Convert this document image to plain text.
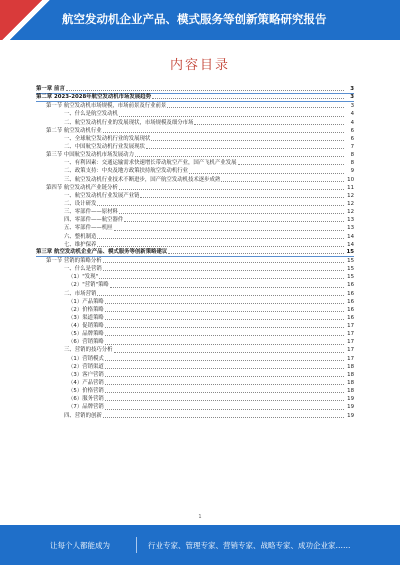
航空发动机企业产品、模式服务等创新策略研究报告
内容目录
第一章 前言	3
第二章 2023-2028年航空发动机市场发展趋势	3
第一节 航空发动机市场规模，市场前景及行业前景	3
一、什么是航空发动机	4
二、航空发动机行业的发展现状，市场规模及细分市场	4
第二节 航空发动机行业	6
一、全球航空发动机行业的发展现状	6
二、中国航空发动机行业发展现状	7
第三节 中国航空发动机市场发展动力	8
一、有利因素：交通运输需求快速增长带动航空产业，国产飞机产业发展	8
二、政策支持：中央及地方政策扶持航空发动机行业	9
三、航空发动机行业技术不断进步，国产航空发动机技术逐步成熟	10
第四节 航空发动机产业链分析	11
一、航空发动机行业发展产业链	12
二、设计研发	12
三、零部件——原材料	12
四、零部件——航空器件	13
五、零部件——机匣	13
六、整机制造	14
七、维护保养	14
第三章 航空发动机企业产品、模式服务等创新策略建议	15
第一节 营销的策略分析	15
一、什么是营销	15
（1）"发现"	15
（2）"营销"策略	16
二、市场营销	16
（1）产品策略	16
（2）价格策略	16
（3）渠道策略	16
（4）促销策略	17
（5）品牌策略	17
（6）营销策略	17
三、营销的技巧分析	17
（1）营销模式	17
（2）营销渠道	18
（3）客户营销	18
（4）产品营销	18
（5）价格营销	18
（6）服务营销	19
（7）品牌营销	19
四、营销的创新	19
1
让每个人都能成为	行业专家、管理专家、营销专家、战略专家、成功企业家……
